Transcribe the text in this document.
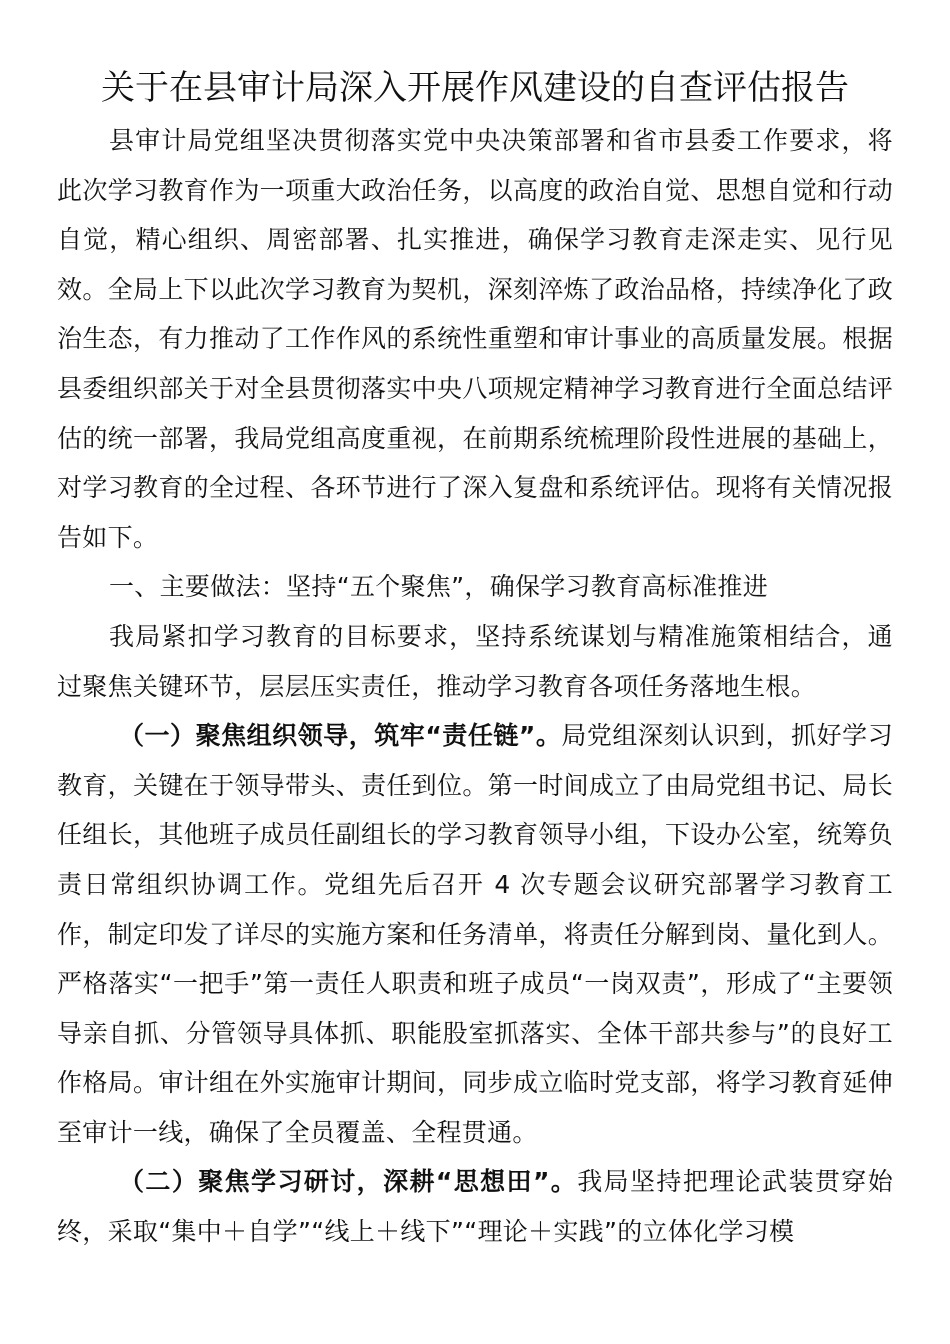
关于在县审计局深入开展作风建设的自查评估报告

县审计局党组坚决贯彻落实党中央决策部署和省市县委工作要求，将此次学习教育作为一项重大政治任务，以高度的政治自觉、思想自觉和行动自觉，精心组织、周密部署、扎实推进，确保学习教育走深走实、见行见效。全局上下以此次学习教育为契机，深刻淬炼了政治品格，持续净化了政治生态，有力推动了工作作风的系统性重塑和审计事业的高质量发展。根据县委组织部关于对全县贯彻落实中央八项规定精神学习教育进行全面总结评估的统一部署，我局党组高度重视，在前期系统梳理阶段性进展的基础上，对学习教育的全过程、各环节进行了深入复盘和系统评估。现将有关情况报告如下。

一、主要做法：坚持“五个聚焦”，确保学习教育高标准推进

我局紧扣学习教育的目标要求，坚持系统谋划与精准施策相结合，通过聚焦关键环节，层层压实责任，推动学习教育各项任务落地生根。

（一）聚焦组织领导，筑牢“责任链”。局党组深刻认识到，抓好学习教育，关键在于领导带头、责任到位。第一时间成立了由局党组书记、局长任组长，其他班子成员任副组长的学习教育领导小组，下设办公室，统筹负责日常组织协调工作。党组先后召开 4 次专题会议研究部署学习教育工作，制定印发了详尽的实施方案和任务清单，将责任分解到岗、量化到人。严格落实“一把手”第一责任人职责和班子成员“一岗双责”，形成了“主要领导亲自抓、分管领导具体抓、职能股室抓落实、全体干部共参与”的良好工作格局。审计组在外实施审计期间，同步成立临时党支部，将学习教育延伸至审计一线，确保了全员覆盖、全程贯通。

（二）聚焦学习研讨，深耕“思想田”。我局坚持把理论武装贯穿始终，采取“集中＋自学”“线上＋线下”“理论＋实践”的立体化学习模
